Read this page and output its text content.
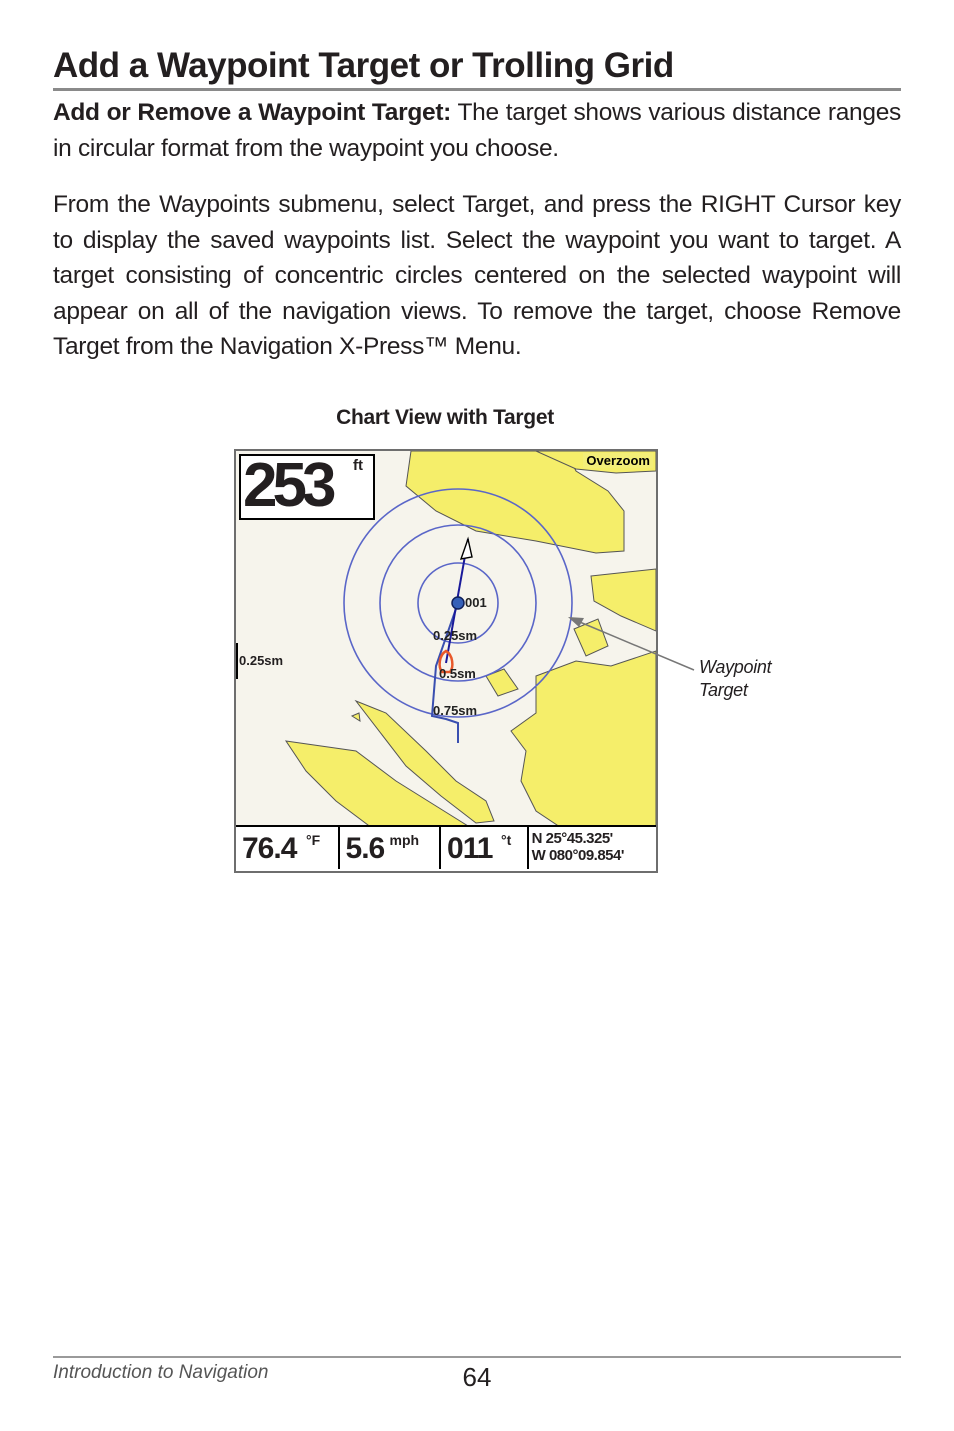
Add a Waypoint Target or Trolling Grid

Add or Remove a Waypoint Target: The target shows various distance ranges in circular format from the waypoint you choose.

From the Waypoints submenu, select Target, and press the RIGHT Cursor key to display the saved waypoints list. Select the waypoint you want to target. A target consisting of concentric circles centered on the selected waypoint will appear on all of the navigation views. To remove the target, choose Remove Target from the Navigation X-Press™ Menu.

Chart View with Target
253 ft	Overzoom
0.25sm
001
0.25sm
0.5sm
0.75sm
76.4 °F 5.6 mph 011 °t N 25°45.325'
W 080°09.854'
Waypoint
Target
Introduction to Navigation	64
